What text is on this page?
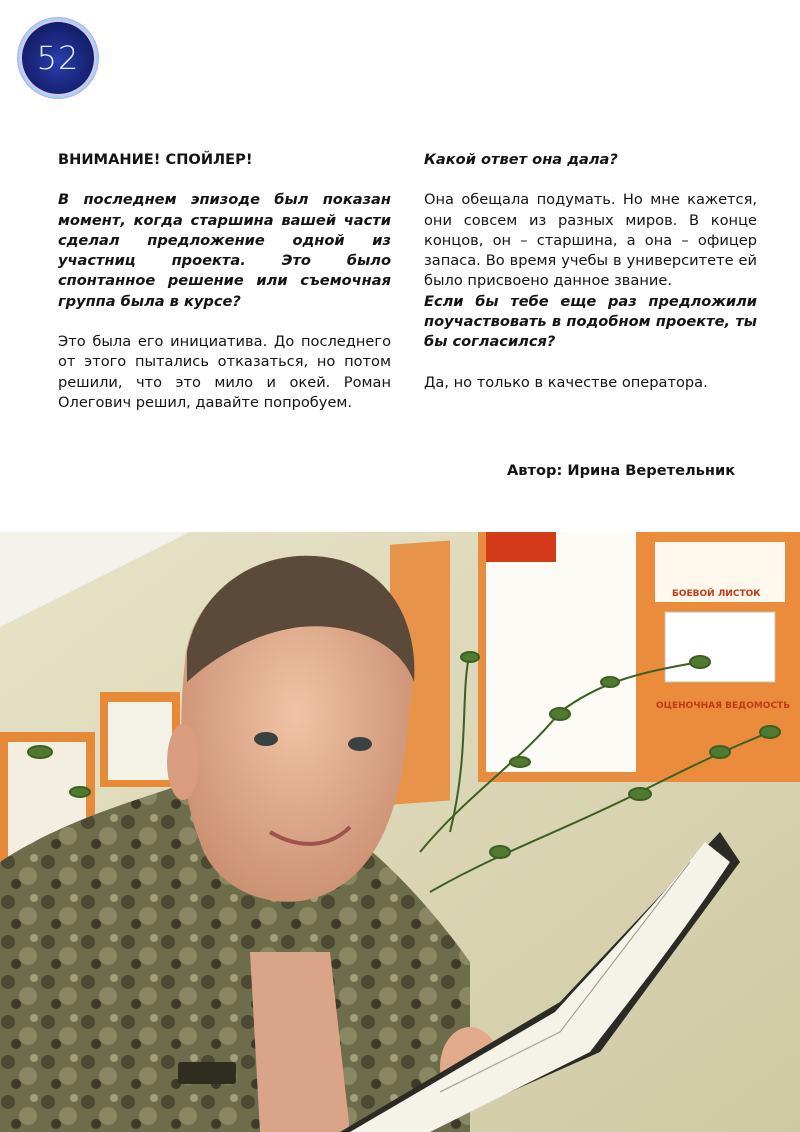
52

ВНИМАНИЕ! СПОЙЛЕР!

В последнем эпизоде был показан момент, когда старшина вашей части сделал предложение одной из участниц проекта. Это было спонтанное решение или съемочная группа была в курсе?

Это была его инициатива. До последнего от этого пытались отказаться, но потом решили, что это мило и окей. Роман Олегович решил, давайте попробуем.

Какой ответ она дала?

Она обещала подумать. Но мне кажется, они совсем из разных миров. В конце концов, он – старшина, а она – офицер запаса. Во время учебы в университете ей было присвоено данное звание.

Если бы тебе еще раз предложили поучаствовать в подобном проекте, ты бы согласился?

Да, но только в качестве оператора.

Автор: Ирина Веретельник
БОЕВОЙ ЛИСТОК
ОЦЕНОЧНАЯ ВЕДОМОСТЬ
